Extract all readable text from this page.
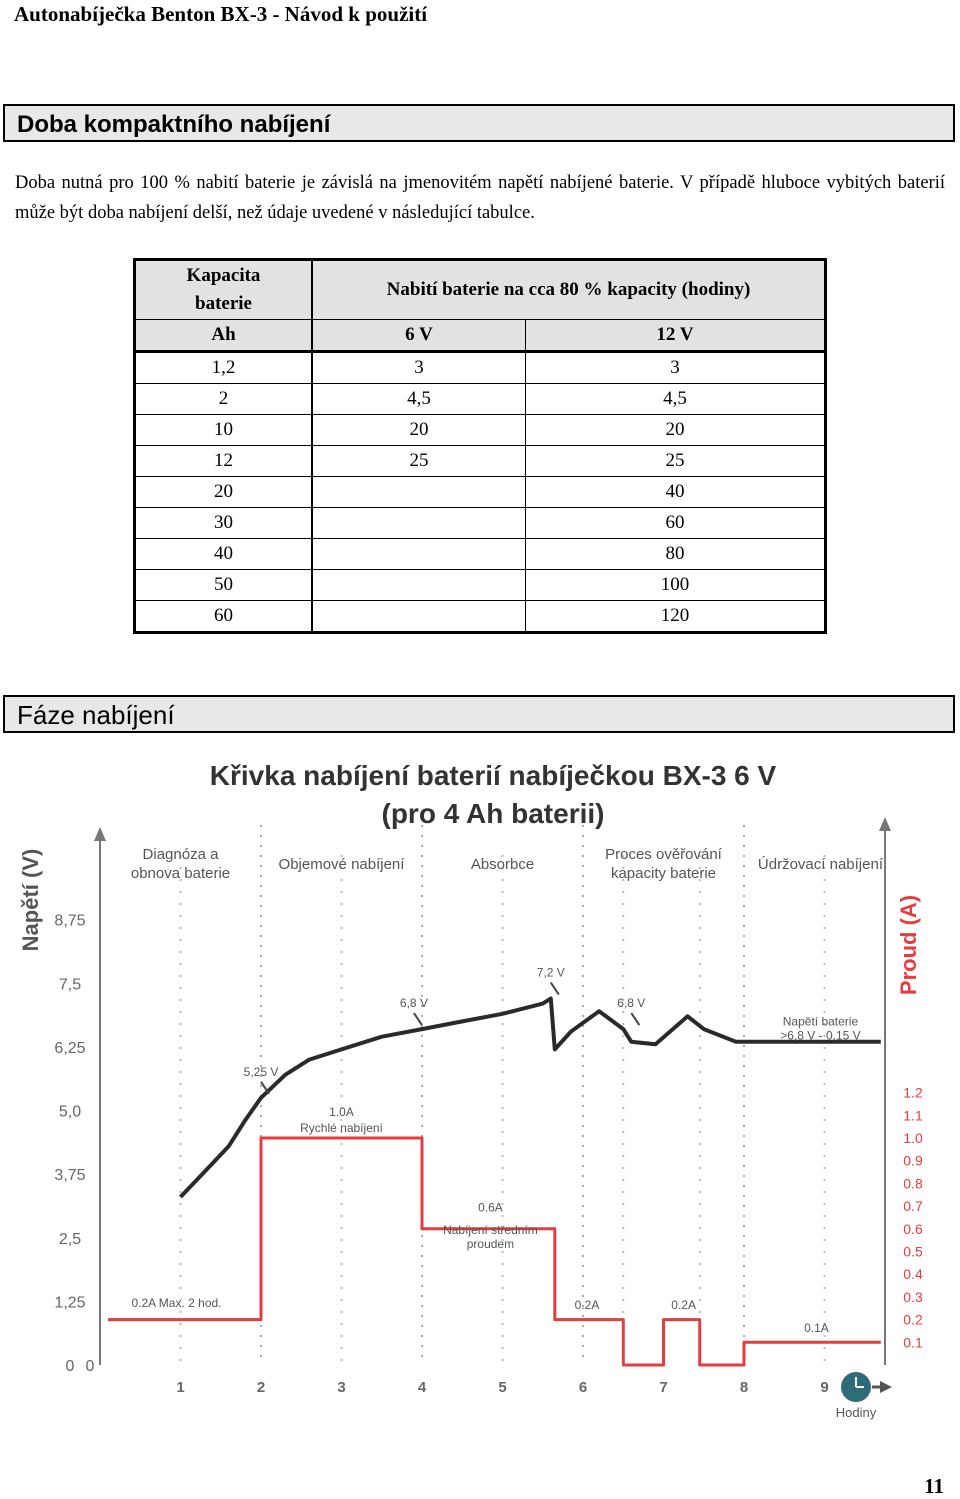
Autonabíječka Benton BX-3 - Návod k použití
Doba kompaktního nabíjení
Doba nutná pro 100 % nabití baterie je závislá na jmenovitém napětí nabíjené baterie. V případě hluboce vybitých baterií může být doba nabíjení delší, než údaje uvedené v následující tabulce.
Kapacita
baterie	Nabití baterie na cca 80 % kapacity (hodiny)	
Ah	6 V	12 V
1,2	3	3
2	4,5	4,5
10	20	20
12	25	25
20		40
30		60
40		80
50		100
60		120
Fáze nabíjení
Křivka nabíjení baterií nabíječkou BX-3 6 V
(pro 4 Ah baterii)
Napětí (V)	Proud (A)
0
1,25
2,5
3,75
5,0
6,25
7,5
8,75
0.1
0.2
0.3
0.4
0.5
0.6
0.7
0.8
0.9
1.0
1.1
1.2
1	2	3	4	5	6	7	8	9
0
Diagnóza a
obnova baterie
Objemové nabíjení	Absorbce
Proces ověřování
kapacity baterie
Údržovací nabíjení
5,25 V
6,8 V
7,2 V
6,8 V
Napětí baterie
>6,8 V - 0,15 V
1.0A
Rychlé nabíjení
0.6A
Nabíjení středním
proudem
0.2A Max. 2 hod.	0.2A	0.2A
0.1A
Hodiny
11
